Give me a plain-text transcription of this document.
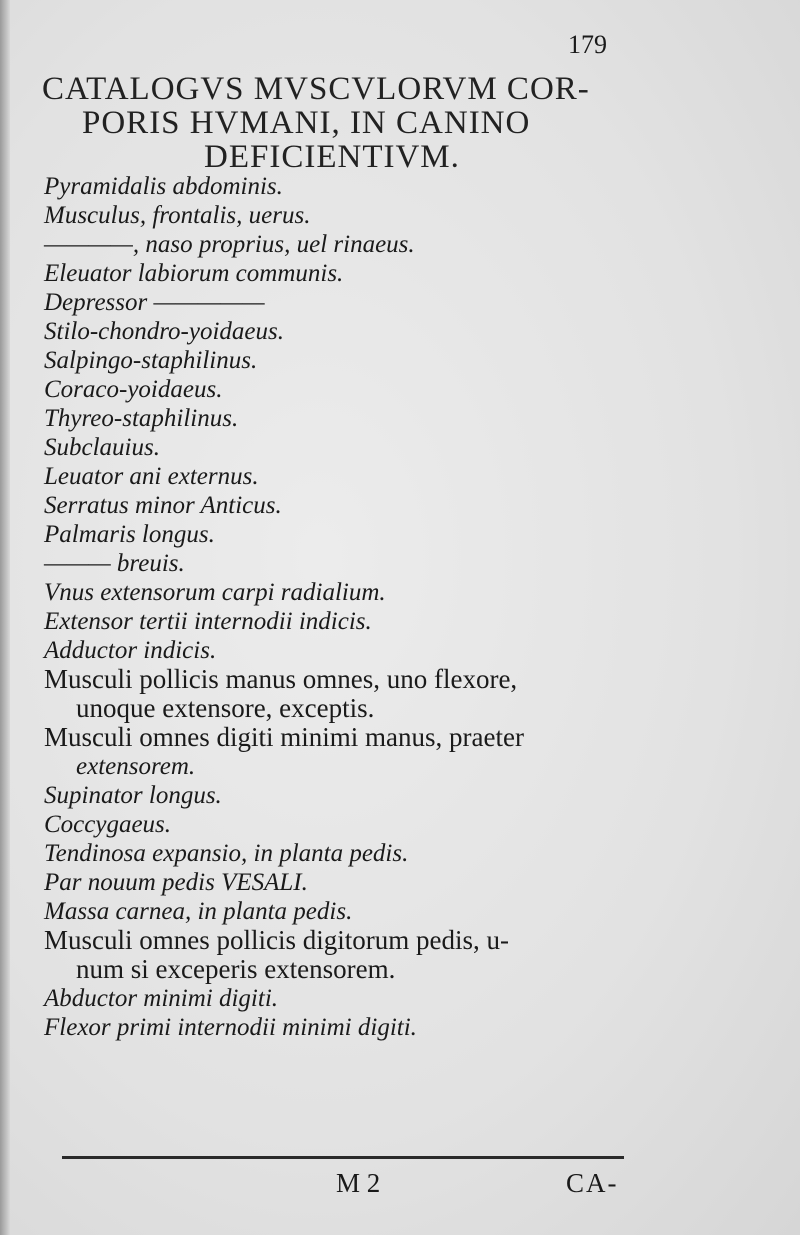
179
CATALOGVS MVSCVLORVM COR-
PORIS HVMANI, IN CANINO
DEFICIENTIVM.
Pyramidalis abdominis.
Musculus, frontalis, uerus.
————, naso proprius, uel rinaeus.
Eleuator labiorum communis.
Depressor —————
Stilo-chondro-yoidaeus.
Salpingo-staphilinus.
Coraco-yoidaeus.
Thyreo-staphilinus.
Subclauius.
Leuator ani externus.
Serratus minor Anticus.
Palmaris longus.
——— breuis.
Vnus extensorum carpi radialium.
Extensor tertii internodii indicis.
Adductor indicis.
Musculi pollicis manus omnes, uno flexore,
unoque extensore, exceptis.
Musculi omnes digiti minimi manus, praeter
extensorem.
Supinator longus.
Coccygaeus.
Tendinosa expansio, in planta pedis.
Par nouum pedis VESALI.
Massa carnea, in planta pedis.
Musculi omnes pollicis digitorum pedis, u-
num si exceperis extensorem.
Abductor minimi digiti.
Flexor primi internodii minimi digiti.
M 2	CA-
